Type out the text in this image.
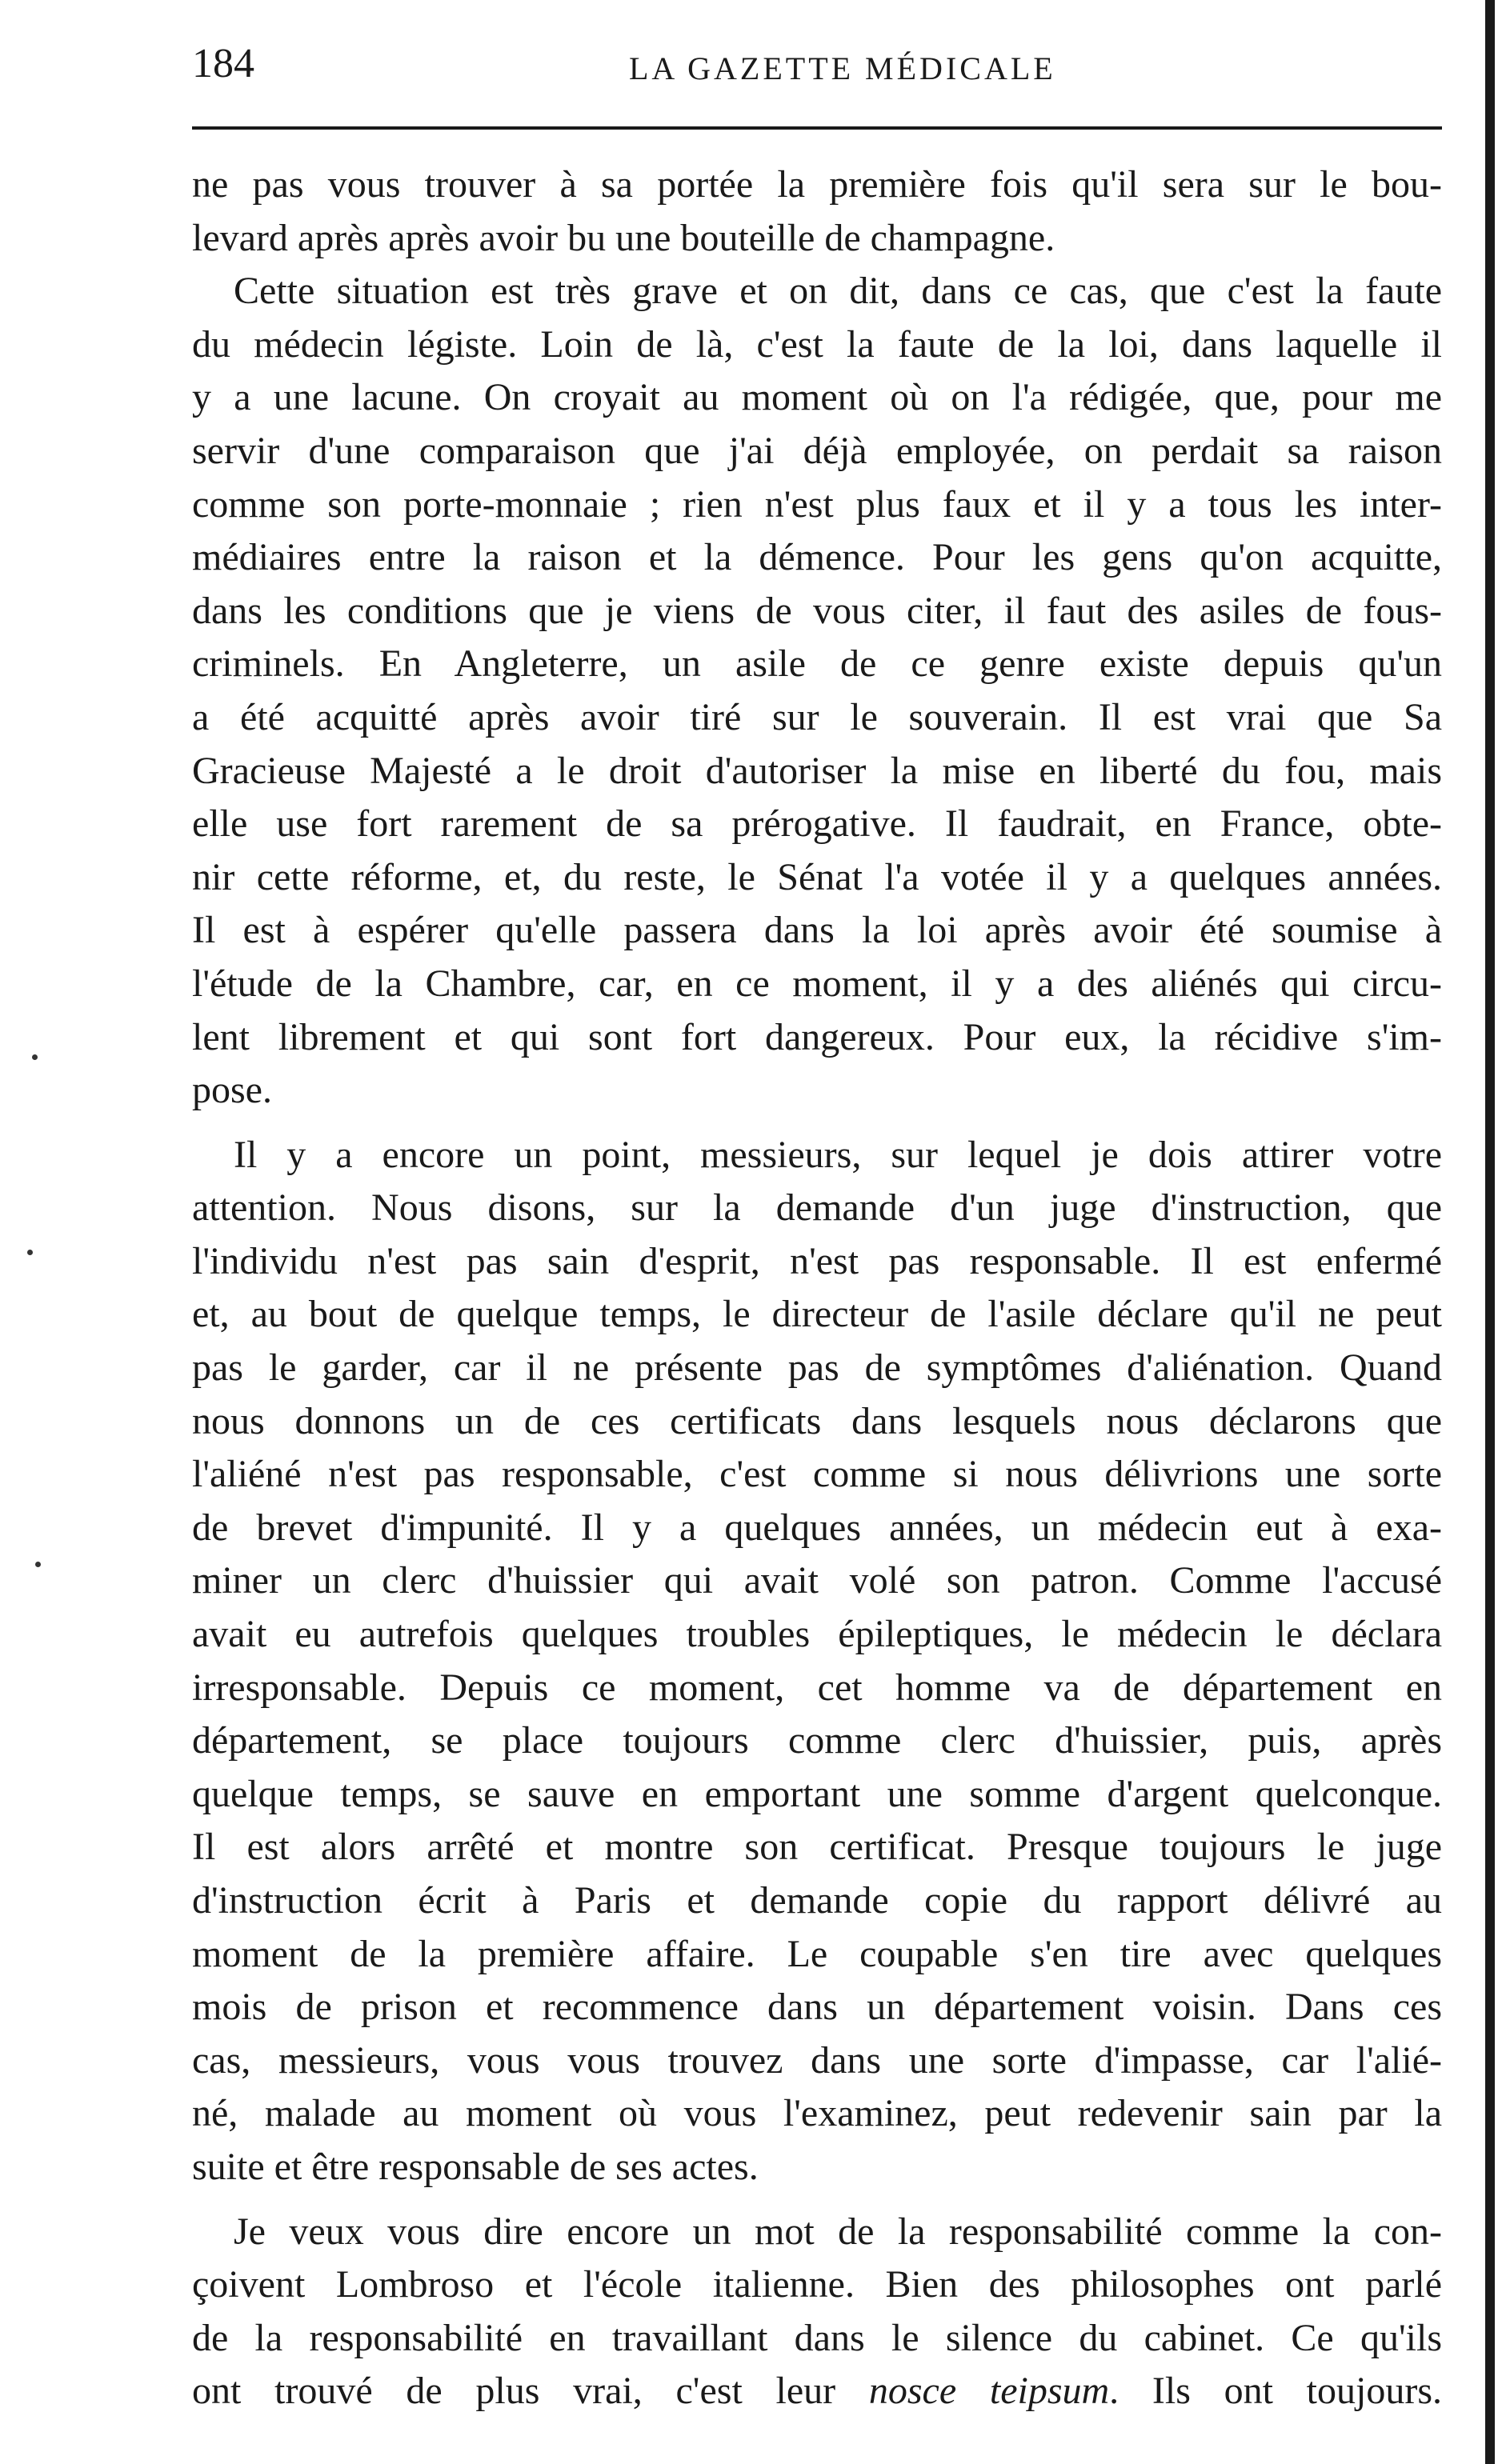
184	LA GAZETTE MÉDICALE
ne pas vous trouver à sa portée la première fois qu'il sera sur le bou-
levard après après avoir bu une bouteille de champagne.
Cette situation est très grave et on dit, dans ce cas, que c'est la faute
du médecin légiste. Loin de là, c'est la faute de la loi, dans laquelle il
y a une lacune. On croyait au moment où on l'a rédigée, que, pour me
servir d'une comparaison que j'ai déjà employée, on perdait sa raison
comme son porte-monnaie ; rien n'est plus faux et il y a tous les inter-
médiaires entre la raison et la démence. Pour les gens qu'on acquitte,
dans les conditions que je viens de vous citer, il faut des asiles de fous-
criminels. En Angleterre, un asile de ce genre existe depuis qu'un
a été acquitté après avoir tiré sur le souverain. Il est vrai que Sa
Gracieuse Majesté a le droit d'autoriser la mise en liberté du fou, mais
elle use fort rarement de sa prérogative. Il faudrait, en France, obte-
nir cette réforme, et, du reste, le Sénat l'a votée il y a quelques années.
Il est à espérer qu'elle passera dans la loi après avoir été soumise à
l'étude de la Chambre, car, en ce moment, il y a des aliénés qui circu-
lent librement et qui sont fort dangereux. Pour eux, la récidive s'im-
pose.
Il y a encore un point, messieurs, sur lequel je dois attirer votre
attention. Nous disons, sur la demande d'un juge d'instruction, que
l'individu n'est pas sain d'esprit, n'est pas responsable. Il est enfermé
et, au bout de quelque temps, le directeur de l'asile déclare qu'il ne peut
pas le garder, car il ne présente pas de symptômes d'aliénation. Quand
nous donnons un de ces certificats dans lesquels nous déclarons que
l'aliéné n'est pas responsable, c'est comme si nous délivrions une sorte
de brevet d'impunité. Il y a quelques années, un médecin eut à exa-
miner un clerc d'huissier qui avait volé son patron. Comme l'accusé
avait eu autrefois quelques troubles épileptiques, le médecin le déclara
irresponsable. Depuis ce moment, cet homme va de département en
département, se place toujours comme clerc d'huissier, puis, après
quelque temps, se sauve en emportant une somme d'argent quelconque.
Il est alors arrêté et montre son certificat. Presque toujours le juge
d'instruction écrit à Paris et demande copie du rapport délivré au
moment de la première affaire. Le coupable s'en tire avec quelques
mois de prison et recommence dans un département voisin. Dans ces
cas, messieurs, vous vous trouvez dans une sorte d'impasse, car l'alié-
né, malade au moment où vous l'examinez, peut redevenir sain par la
suite et être responsable de ses actes.
Je veux vous dire encore un mot de la responsabilité comme la con-
çoivent Lombroso et l'école italienne. Bien des philosophes ont parlé
de la responsabilité en travaillant dans le silence du cabinet. Ce qu'ils
ont trouvé de plus vrai, c'est leur nosce teipsum. Ils ont toujours.
